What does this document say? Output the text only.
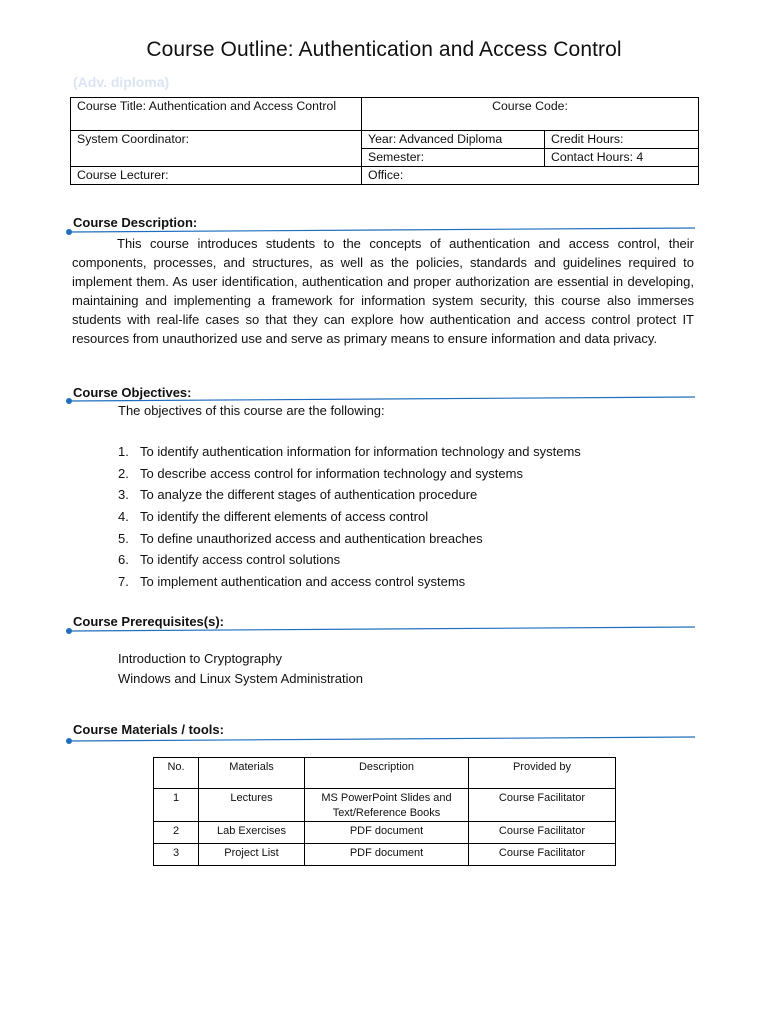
Course Outline: Authentication and Access Control
(Adv. diploma)
Course Title: Authentication and Access Control	Course Code:	
System Coordinator:	Year: Advanced Diploma	Credit Hours:
	Semester:	Contact Hours: 4
Course Lecturer:	Office:	
Course Description:
This course introduces students to the concepts of authentication and access control, their components, processes, and structures, as well as the policies, standards and guidelines required to implement them. As user identification, authentication and proper authorization are essential in developing, maintaining and implementing a framework for information system security, this course also immerses students with real-life cases so that they can explore how authentication and access control protect IT resources from unauthorized use and serve as primary means to ensure information and data privacy.
Course Objectives:
The objectives of this course are the following:
1. To identify authentication information for information technology and systems
2. To describe access control for information technology and systems
3. To analyze the different stages of authentication procedure
4. To identify the different elements of access control
5. To define unauthorized access and authentication breaches
6. To identify access control solutions
7. To implement authentication and access control systems
Course Prerequisites(s):
Introduction to Cryptography
Windows and Linux System Administration
Course Materials / tools:
No.	Materials	Description	Provided by
1	Lectures	MS PowerPoint Slides and Text/Reference Books	Course Facilitator
2	Lab Exercises	PDF document	Course Facilitator
3	Project List	PDF document	Course Facilitator
